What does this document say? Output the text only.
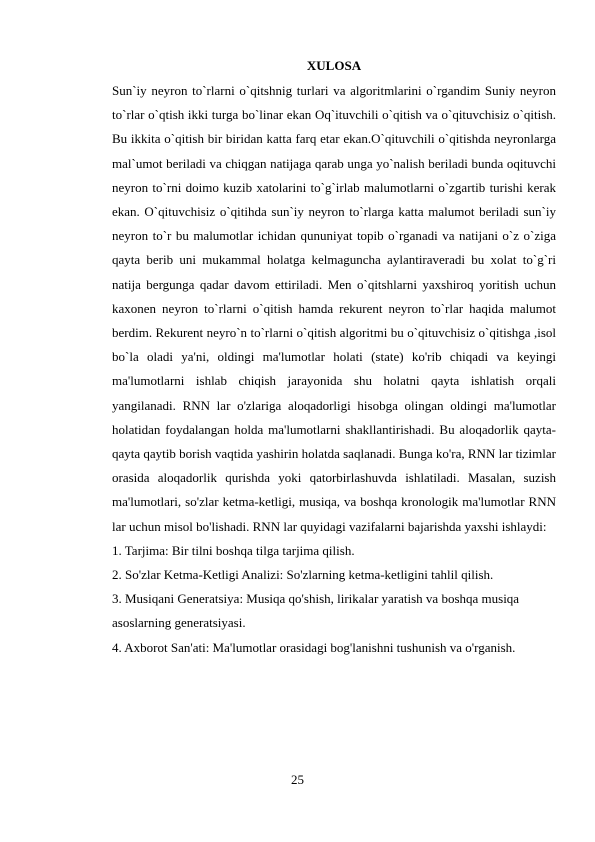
XULOSA

Sun`iy neyron to`rlarni o`qitshnig turlari va algoritmlarini o`rgandim Suniy neyron to`rlar o`qtish ikki turga bo`linar ekan Oq`ituvchili o`qitish va o`qituvchisiz o`qitish. Bu ikkita o`qitish bir biridan katta farq etar ekan.O`qituvchili o`qitishda neyronlarga mal`umot beriladi va chiqgan natijaga qarab unga yo`nalish beriladi bunda oqituvchi neyron to`rni doimo kuzib xatolarini to`g`irlab malumotlarni o`zgartib turishi kerak ekan. O`qituvchisiz o`qitihda sun`iy neyron to`rlarga katta malumot beriladi sun`iy neyron to`r bu malumotlar ichidan qununiyat topib o`rganadi va natijani o`z o`ziga qayta berib uni mukammal holatga kelmaguncha aylantiraveradi bu xolat to`g`ri natija bergunga qadar davom ettiriladi. Men o`qitshlarni yaxshiroq yoritish uchun kaxonen neyron to`rlarni o`qitish hamda rekurent neyron to`rlar haqida malumot berdim. Rekurent neyro`n to`rlarni o`qitish algoritmi bu o`qituvchisiz o`qitishga ,isol bo`la oladi ya'ni, oldingi ma'lumotlar holati (state) ko'rib chiqadi va keyingi ma'lumotlarni ishlab chiqish jarayonida shu holatni qayta ishlatish orqali yangilanadi. RNN lar o'zlariga aloqadorligi hisobga olingan oldingi ma'lumotlar holatidan foydalangan holda ma'lumotlarni shakllantirishadi. Bu aloqadorlik qayta-qayta qaytib borish vaqtida yashirin holatda saqlanadi. Bunga ko'ra, RNN lar tizimlar orasida aloqadorlik qurishda yoki qatorbirlashuvda ishlatiladi. Masalan, suzish ma'lumotlari, so'zlar ketma-ketligi, musiqa, va boshqa kronologik ma'lumotlar RNN lar uchun misol bo'lishadi. RNN lar quyidagi vazifalarni bajarishda yaxshi ishlaydi:

1. Tarjima: Bir tilni boshqa tilga tarjima qilish.

2. So'zlar Ketma-Ketligi Analizi: So'zlarning ketma-ketligini tahlil qilish.

3. Musiqani Generatsiya: Musiqa qo'shish, lirikalar yaratish va boshqa musiqa asoslarning generatsiyasi.

4. Axborot San'ati: Ma'lumotlar orasidagi bog'lanishni tushunish va o'rganish.

25
